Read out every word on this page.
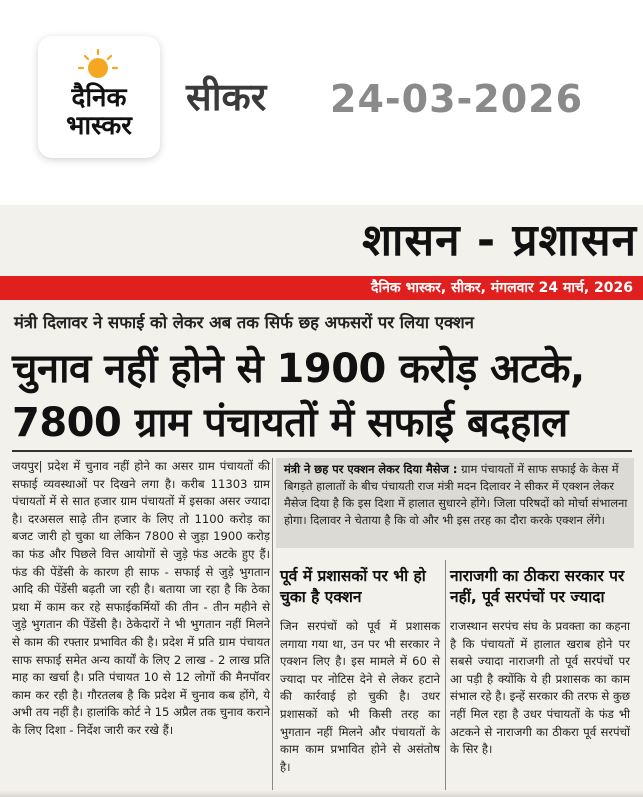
दैनिक
भास्कर
सीकर 24-03-2026
शासन - प्रशासन
दैनिक भास्कर, सीकर, मंगलवार 24 मार्च, 2026
मंत्री दिलावर ने सफाई को लेकर अब तक सिर्फ छह अफसरों पर लिया एक्शन
चुनाव नहीं होने से 1900 करोड़ अटके,
7800 ग्राम पंचायतों में सफाई बदहाल
जयपुर| प्रदेश में चुनाव नहीं होने का असर ग्राम पंचायतों की सफाई व्यवस्थाओं पर दिखने लगा है। करीब 11303 ग्राम पंचायतों में से सात हजार ग्राम पंचायतों में इसका असर ज्यादा है। दरअसल साढ़े तीन हजार के लिए तो 1100 करोड़ का बजट जारी हो चुका था लेकिन 7800 से जुड़ा 1900 करोड़ का फंड और पिछले वित्त आयोगों से जुड़े फंड अटके हुए हैं। फंड की पेंडेंसी के कारण ही साफ - सफाई से जुड़े भुगतान आदि की पेंडेंसी बढ़ती जा रही है। बताया जा रहा है कि ठेका प्रथा में काम कर रहे सफाईकर्मियों की तीन - तीन महीने से जुड़े भुगतान की पेंडेंसी है। ठेकेदारों ने भी भुगतान नहीं मिलने से काम की रफ्तार प्रभावित की है। प्रदेश में प्रति ग्राम पंचायत साफ सफाई समेत अन्य कार्यों के लिए 2 लाख - 2 लाख प्रति माह का खर्चा है। प्रति पंचायत 10 से 12 लोगों की मैनपॉवर काम कर रही है। गौरतलब है कि प्रदेश में चुनाव कब होंगे, ये अभी तय नहीं है। हालांकि कोर्ट ने 15 अप्रैल तक चुनाव कराने के लिए दिशा - निर्देश जारी कर रखे हैं।
मंत्री ने छह पर एक्शन लेकर दिया मैसेज : ग्राम पंचायतों में साफ सफाई के केस में बिगड़ते हालातों के बीच पंचायती राज मंत्री मदन दिलावर ने सीकर में एक्शन लेकर मैसेज दिया है कि इस दिशा में हालात सुधारने होंगे। जिला परिषदों को मोर्चा संभालना होगा। दिलावर ने चेताया है कि वो और भी इस तरह का दौरा करके एक्शन लेंगे।
पूर्व में प्रशासकों पर भी हो चुका है एक्शन
जिन सरपंचों को पूर्व में प्रशासक लगाया गया था, उन पर भी सरकार ने एक्शन लिए है। इस मामले में 60 से ज्यादा पर नोटिस देने से लेकर हटाने की कार्रवाई हो चुकी है। उधर प्रशासकों को भी किसी तरह का भुगतान नहीं मिलने और पंचायतों के काम काम प्रभावित होने से असंतोष है।
नाराजगी का ठीकरा सरकार पर नहीं, पूर्व सरपंचों पर ज्यादा
राजस्थान सरपंच संघ के प्रवक्ता का कहना है कि पंचायतों में हालात खराब होने पर सबसे ज्यादा नाराजगी तो पूर्व सरपंचों पर आ पड़ी है क्योंकि ये ही प्रशासक का काम संभाल रहे है। इन्हें सरकार की तरफ से कुछ नहीं मिल रहा है उधर पंचायतों के फंड भी अटकने से नाराजगी का ठीकरा पूर्व सरपंचों के सिर है।
